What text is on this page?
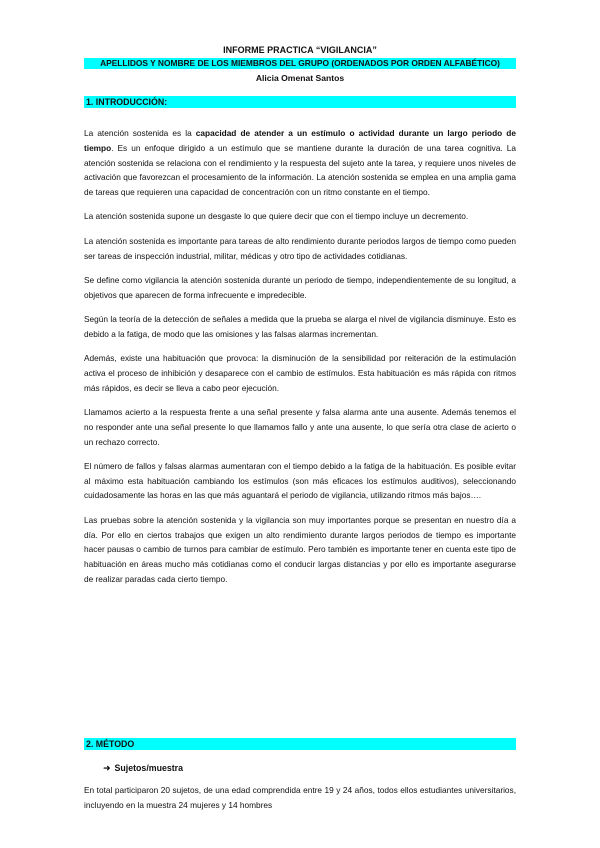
INFORME PRACTICA “VIGILANCIA”
APELLIDOS Y NOMBRE DE LOS MIEMBROS DEL GRUPO (ORDENADOS POR ORDEN ALFABÉTICO)
Alicia Omenat Santos
1. INTRODUCCIÓN:

La atención sostenida es la capacidad de atender a un estímulo o actividad durante un largo periodo de tiempo. Es un enfoque dirigido a un estímulo que se mantiene durante la duración de una tarea cognitiva. La atención sostenida se relaciona con el rendimiento y la respuesta del sujeto ante la tarea, y requiere unos niveles de activación que favorezcan el procesamiento de la información. La atención sostenida se emplea en una amplia gama de tareas que requieren una capacidad de concentración con un ritmo constante en el tiempo.

La atención sostenida supone un desgaste lo que quiere decir que con el tiempo incluye un decremento.

La atención sostenida es importante para tareas de alto rendimiento durante periodos largos de tiempo como pueden ser tareas de inspección industrial, militar, médicas y otro tipo de actividades cotidianas.

Se define como vigilancia la atención sostenida durante un periodo de tiempo, independientemente de su longitud, a objetivos que aparecen de forma infrecuente e impredecible.

Según la teoría de la detección de señales a medida que la prueba se alarga el nivel de vigilancia disminuye. Esto es debido a la fatiga, de modo que las omisiones y las falsas alarmas incrementan.

Además, existe una habituación que provoca: la disminución de la sensibilidad por reiteración de la estimulación activa el proceso de inhibición y desaparece con el cambio de estímulos. Esta habituación es más rápida con ritmos más rápidos, es decir se lleva a cabo peor ejecución.

Llamamos acierto a la respuesta frente a una señal presente y falsa alarma ante una ausente. Además tenemos el no responder ante una señal presente lo que llamamos fallo y ante una ausente, lo que sería otra clase de acierto o un rechazo correcto.

El número de fallos y falsas alarmas aumentaran con el tiempo debido a la fatiga de la habituación. Es posible evitar al máximo esta habituación cambiando los estímulos (son más eficaces los estímulos auditivos), seleccionando cuidadosamente las horas en las que más aguantará el periodo de vigilancia, utilizando ritmos más bajos….

Las pruebas sobre la atención sostenida y la vigilancia son muy importantes porque se presentan en nuestro día a día. Por ello en ciertos trabajos que exigen un alto rendimiento durante largos periodos de tiempo es importante hacer pausas o cambio de turnos para cambiar de estímulo. Pero también es importante tener en cuenta este tipo de habituación en áreas mucho más cotidianas como el conducir largas distancias y por ello es importante asegurarse de realizar paradas cada cierto tiempo.

2. MÉTODO
➜ Sujetos/muestra
En total participaron 20 sujetos, de una edad comprendida entre 19 y 24 años, todos ellos estudiantes universitarios, incluyendo en la muestra 24 mujeres y 14 hombres
